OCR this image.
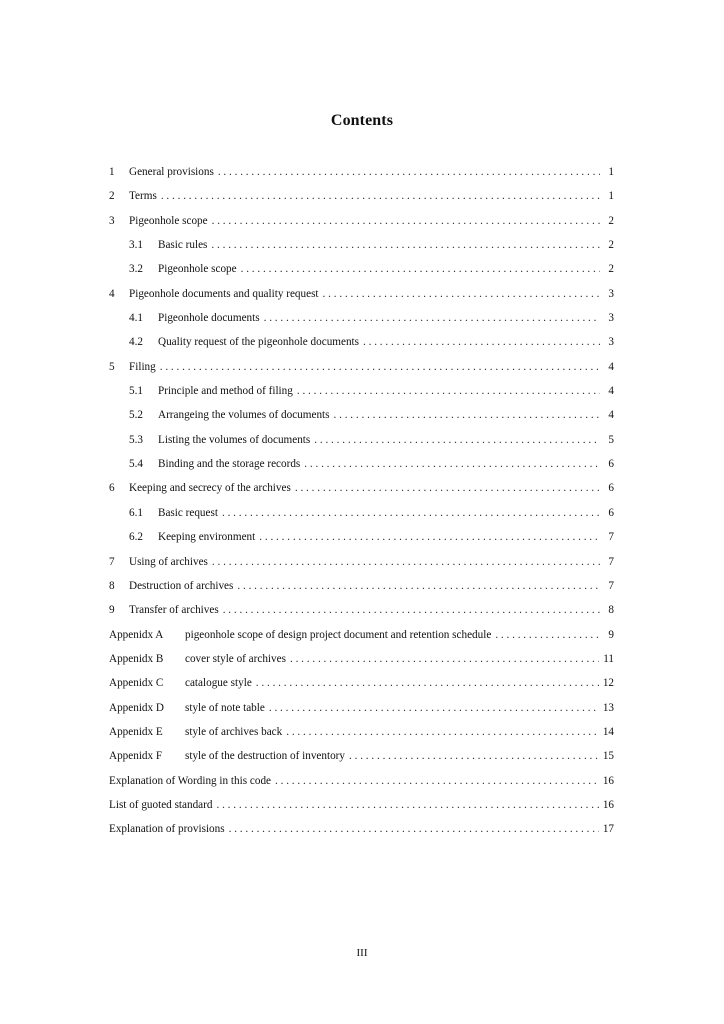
Contents
1	General provisions . . .	1
2	Terms . . .	1
3	Pigeonhole scope . . .	2
3.1	Basic rules . . .	2
3.2	Pigeonhole scope . . .	2
4	Pigeonhole documents and quality request . . .	3
4.1	Pigeonhole documents . . .	3
4.2	Quality request of the pigeonhole documents . . .	3
5	Filing . . .	4
5.1	Principle and method of filing . . .	4
5.2	Arrangeing the volumes of documents . . .	4
5.3	Listing the volumes of documents . . .	5
5.4	Binding and the storage records . . .	6
6	Keeping and secrecy of the archives . . .	6
6.1	Basic request . . .	6
6.2	Keeping environment . . .	7
7	Using of archives . . .	7
8	Destruction of archives . . .	7
9	Transfer of archives . . .	8
Appenidx A	pigeonhole scope of design project document and retention schedule . . .	9
Appenidx B	cover style of archives . . .	11
Appenidx C	catalogue style . . .	12
Appenidx D	style of note table . . .	13
Appenidx E	style of archives back . . .	14
Appenidx F	style of the destruction of inventory . . .	15
Explanation of Wording in this code . . .	16
List of guoted standard . . .	16
Explanation of provisions . . .	17
III
